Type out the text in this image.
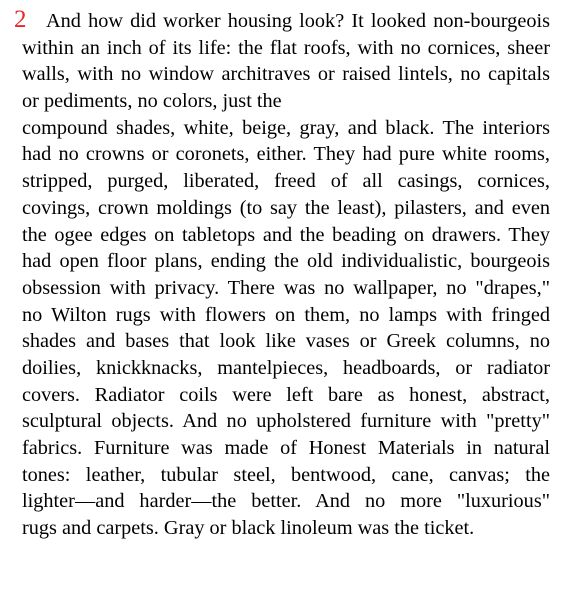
2 And how did worker housing look? It looked non-bourgeois
within an inch of its life: the flat roofs, with no cornices, sheer
walls, with no window architraves or raised lintels, no capitals
or pediments, no colors, just the
compound shades, white, beige, gray, and black. The interiors
had no crowns or coronets, either. They had pure white rooms,
stripped, purged, liberated, freed of all casings, cornices,
covings, crown moldings (to say the least), pilasters, and even
the ogee edges on tabletops and the beading on drawers. They
had open floor plans, ending the old individualistic, bourgeois
obsession with privacy. There was no wallpaper, no "drapes,"
no Wilton rugs with flowers on them, no lamps with fringed
shades and bases that look like vases or Greek columns, no
doilies, knickknacks, mantelpieces, headboards, or radiator
covers. Radiator coils were left bare as honest, abstract,
sculptural objects. And no upholstered furniture with "pretty"
fabrics. Furniture was made of Honest Materials in natural
tones: leather, tubular steel, bentwood, cane, canvas; the
lighter—and harder—the better. And no more "luxurious"
rugs and carpets. Gray or black linoleum was the ticket.
